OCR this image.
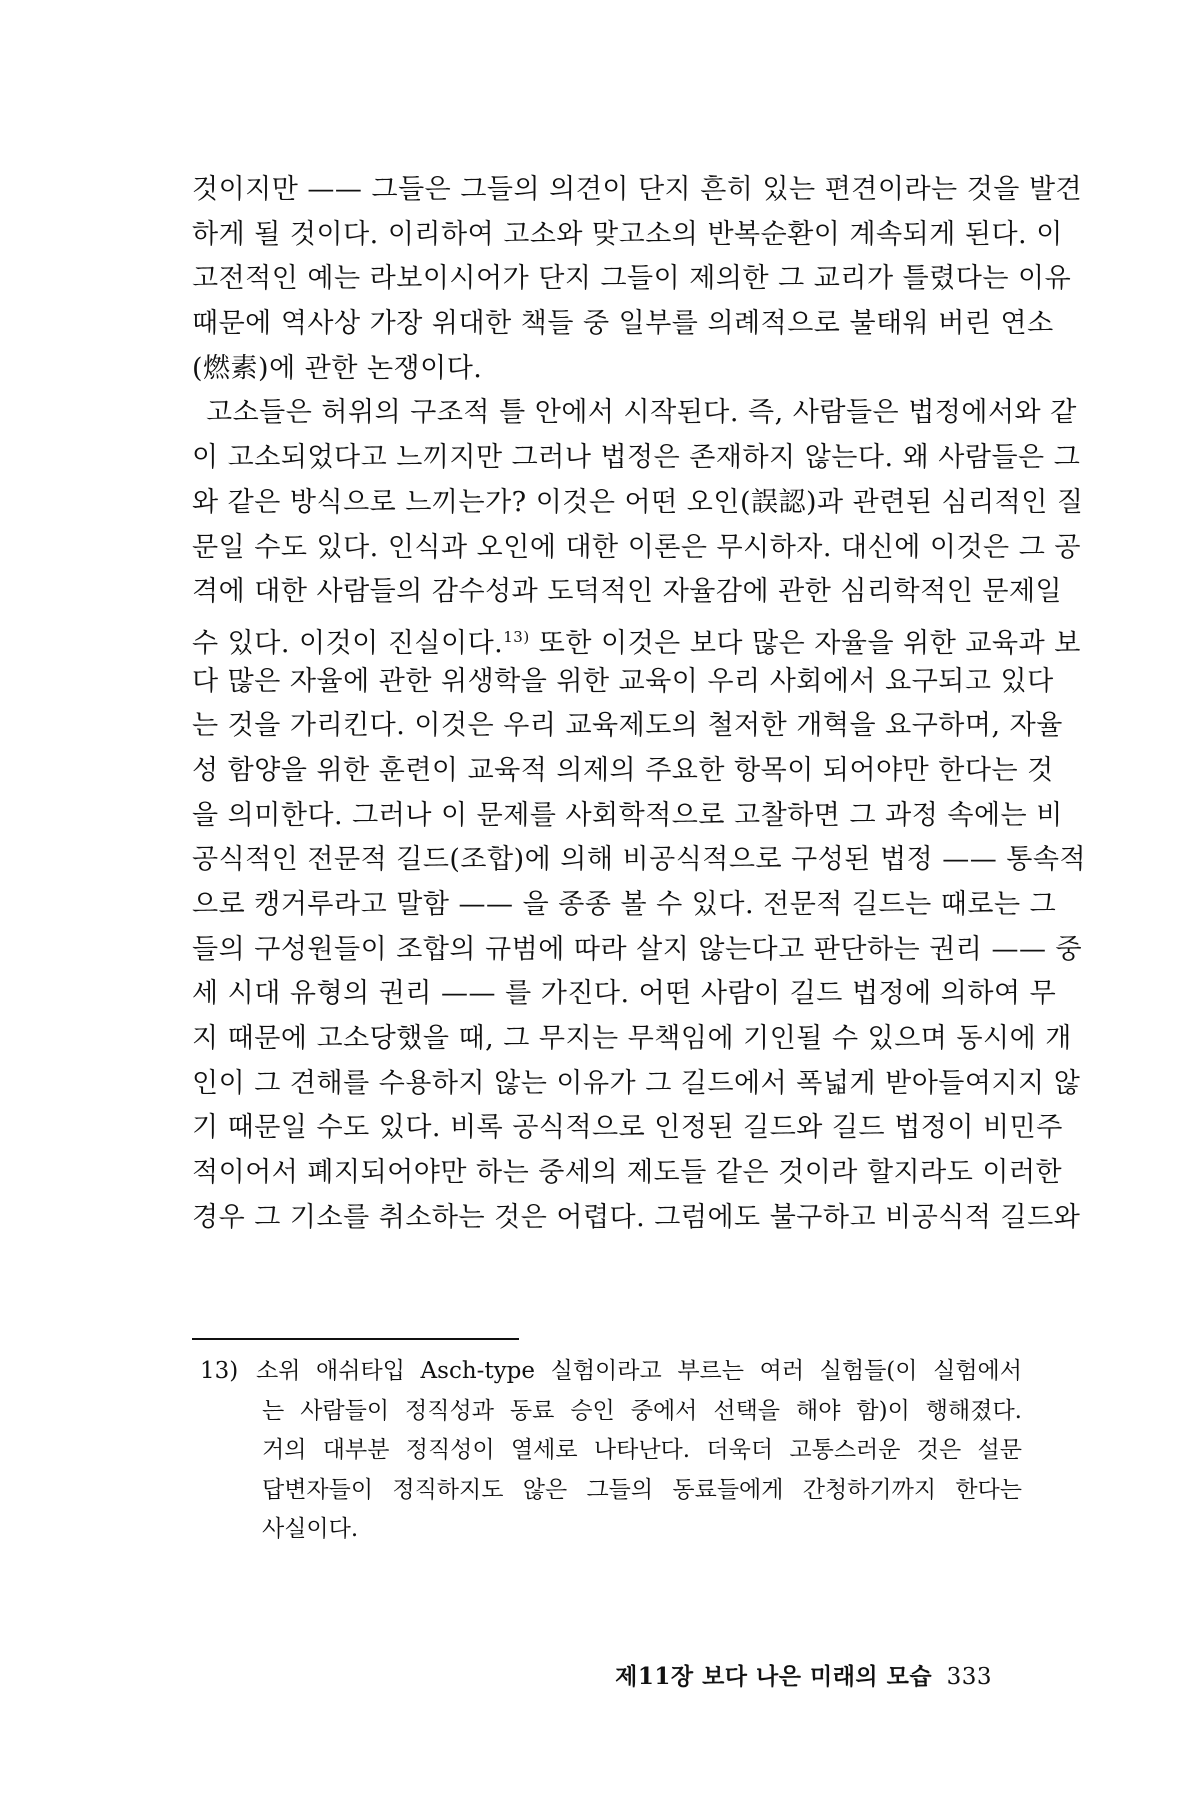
것이지만 —— 그들은 그들의 의견이 단지 흔히 있는 편견이라는 것을 발견
하게 될 것이다. 이리하여 고소와 맞고소의 반복순환이 계속되게 된다. 이
고전적인 예는 라보이시어가 단지 그들이 제의한 그 교리가 틀렸다는 이유
때문에 역사상 가장 위대한 책들 중 일부를 의례적으로 불태워 버린 연소
(燃素)에 관한 논쟁이다.
고소들은 허위의 구조적 틀 안에서 시작된다. 즉, 사람들은 법정에서와 같
이 고소되었다고 느끼지만 그러나 법정은 존재하지 않는다. 왜 사람들은 그
와 같은 방식으로 느끼는가? 이것은 어떤 오인(誤認)과 관련된 심리적인 질
문일 수도 있다. 인식과 오인에 대한 이론은 무시하자. 대신에 이것은 그 공
격에 대한 사람들의 감수성과 도덕적인 자율감에 관한 심리학적인 문제일
수 있다. 이것이 진실이다.$^{13)}$ 또한 이것은 보다 많은 자율을 위한 교육과 보
다 많은 자율에 관한 위생학을 위한 교육이 우리 사회에서 요구되고 있다
는 것을 가리킨다. 이것은 우리 교육제도의 철저한 개혁을 요구하며, 자율
성 함양을 위한 훈련이 교육적 의제의 주요한 항목이 되어야만 한다는 것
을 의미한다. 그러나 이 문제를 사회학적으로 고찰하면 그 과정 속에는 비
공식적인 전문적 길드(조합)에 의해 비공식적으로 구성된 법정 —— 통속적
으로 캥거루라고 말함 —— 을 종종 볼 수 있다. 전문적 길드는 때로는 그
들의 구성원들이 조합의 규범에 따라 살지 않는다고 판단하는 권리 —— 중
세 시대 유형의 권리 —— 를 가진다. 어떤 사람이 길드 법정에 의하여 무
지 때문에 고소당했을 때, 그 무지는 무책임에 기인될 수 있으며 동시에 개
인이 그 견해를 수용하지 않는 이유가 그 길드에서 폭넓게 받아들여지지 않
기 때문일 수도 있다. 비록 공식적으로 인정된 길드와 길드 법정이 비민주
적이어서 폐지되어야만 하는 중세의 제도들 같은 것이라 할지라도 이러한
경우 그 기소를 취소하는 것은 어렵다. 그럼에도 불구하고 비공식적 길드와
13) 소위 애쉬타입 Asch-type 실험이라고 부르는 여러 실험들(이 실험에서
는 사람들이 정직성과 동료 승인 중에서 선택을 해야 함)이 행해졌다.
거의 대부분 정직성이 열세로 나타난다. 더욱더 고통스러운 것은 설문
답변자들이 정직하지도 않은 그들의 동료들에게 간청하기까지 한다는
사실이다.
제11장 보다 나은 미래의 모습 333
